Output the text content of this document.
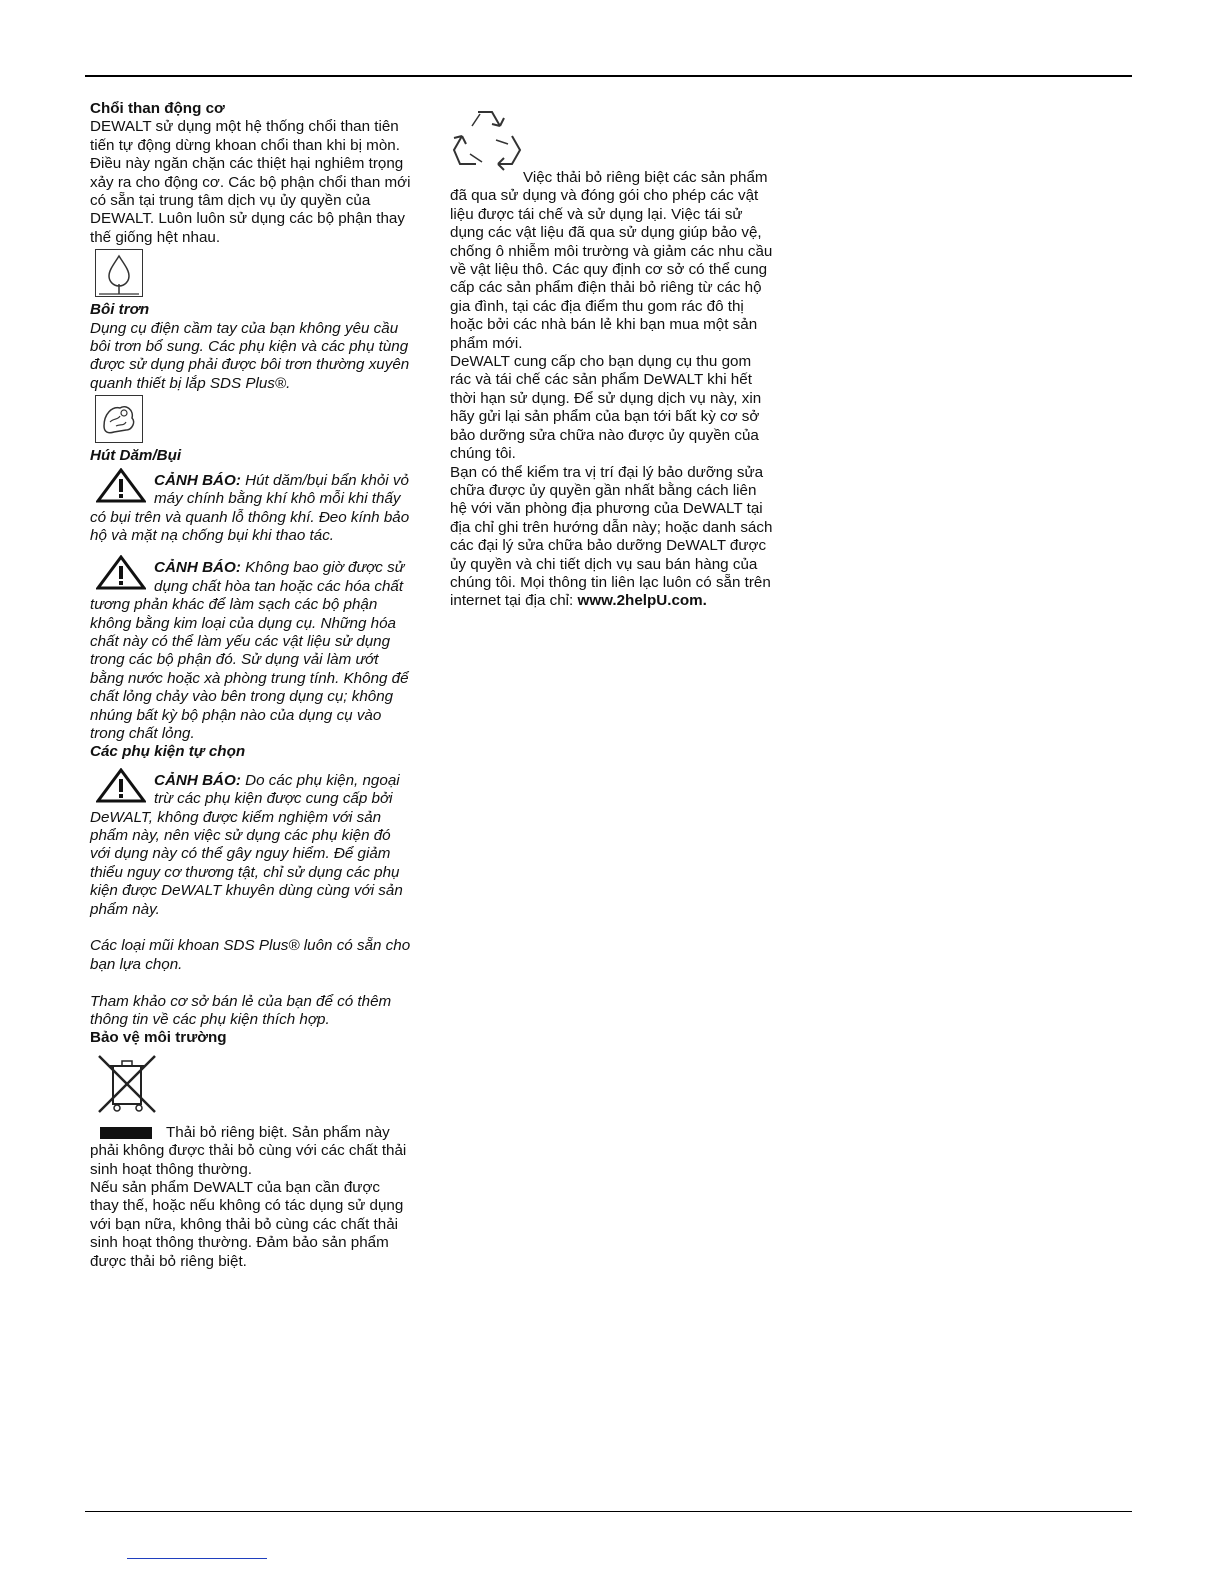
Chổi than động cơ

DEWALT sử dụng một hệ thống chổi than tiên tiến tự động dừng khoan chổi than khi bị mòn. Điều này ngăn chặn các thiệt hại nghiêm trọng xảy ra cho động cơ. Các bộ phận chổi than mới có sẵn tại trung tâm dịch vụ ủy quyền của DEWALT. Luôn luôn sử dụng các bộ phận thay thế giống hệt nhau.

Bôi trơn

Dụng cụ điện cầm tay của bạn không yêu cầu bôi trơn bổ sung. Các phụ kiện và các phụ tùng được sử dụng phải được bôi trơn thường xuyên quanh thiết bị lắp SDS Plus®.

Hút Dăm/Bụi

CẢNH BÁO: Hút dăm/bụi bẩn khỏi vỏ máy chính bằng khí khô mỗi khi thấy có bụi trên và quanh lỗ thông khí. Đeo kính bảo hộ và mặt nạ chống bụi khi thao tác.

CẢNH BÁO: Không bao giờ được sử dụng chất hòa tan hoặc các hóa chất tương phản khác để làm sạch các bộ phận không bằng kim loại của dụng cụ. Những hóa chất này có thể làm yếu các vật liệu sử dụng trong các bộ phận đó. Sử dụng vải làm ướt bằng nước hoặc xà phòng trung tính. Không để chất lỏng chảy vào bên trong dụng cụ; không nhúng bất kỳ bộ phận nào của dụng cụ vào trong chất lỏng.

Các phụ kiện tự chọn

CẢNH BÁO: Do các phụ kiện, ngoại trừ các phụ kiện được cung cấp bởi DeWALT, không được kiểm nghiệm với sản phẩm này, nên việc sử dụng các phụ kiện đó với dụng này có thể gây nguy hiểm. Để giảm thiểu nguy cơ thương tật, chỉ sử dụng các phụ kiện được DeWALT khuyên dùng cùng với sản phẩm này.

Các loại mũi khoan SDS Plus® luôn có sẵn cho bạn lựa chọn.

Tham khảo cơ sở bán lẻ của bạn để có thêm thông tin về các phụ kiện thích hợp.

Bảo vệ môi trường

Thải bỏ riêng biệt. Sản phẩm này phải không được thải bỏ cùng với các chất thải sinh hoạt thông thường.

Nếu sản phẩm DeWALT của bạn cần được thay thế, hoặc nếu không có tác dụng sử dụng với bạn nữa, không thải bỏ cùng các chất thải sinh hoạt thông thường. Đảm bảo sản phẩm được thải bỏ riêng biệt.

Việc thải bỏ riêng biệt các sản phẩm đã qua sử dụng và đóng gói cho phép các vật liệu được tái chế và sử dụng lại. Việc tái sử dụng các vật liệu đã qua sử dụng giúp bảo vệ, chống ô nhiễm môi trường và giảm các nhu cầu về vật liệu thô. Các quy định cơ sở có thể cung cấp các sản phẩm điện thải bỏ riêng từ các hộ gia đình, tại các địa điểm thu gom rác đô thị hoặc bởi các nhà bán lẻ khi bạn mua một sản phẩm mới.

DeWALT cung cấp cho bạn dụng cụ thu gom rác và tái chế các sản phẩm DeWALT khi hết thời hạn sử dụng. Để sử dụng dịch vụ này, xin hãy gửi lại sản phẩm của bạn tới bất kỳ cơ sở bảo dưỡng sửa chữa nào được ủy quyền của chúng tôi.

Bạn có thể kiểm tra vị trí đại lý bảo dưỡng sửa chữa được ủy quyền gần nhất bằng cách liên hệ với văn phòng địa phương của DeWALT tại địa chỉ ghi trên hướng dẫn này; hoặc danh sách các đại lý sửa chữa bảo dưỡng DeWALT được ủy quyền và chi tiết dịch vụ sau bán hàng của chúng tôi. Mọi thông tin liên lạc luôn có sẵn trên internet tại địa chỉ: www.2helpU.com.
